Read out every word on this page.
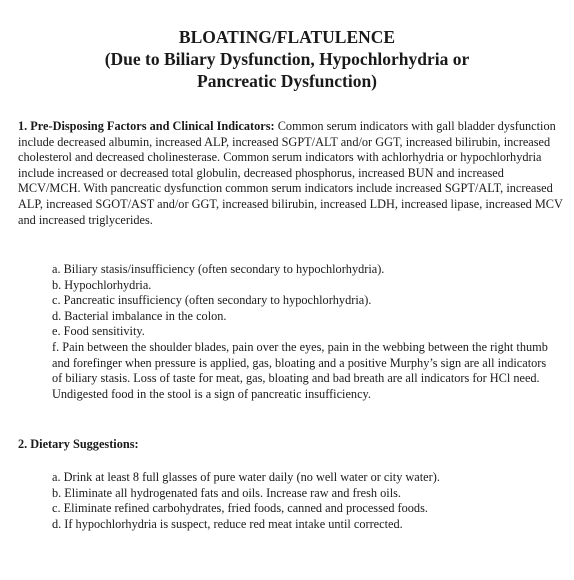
BLOATING/FLATULENCE
(Due to Biliary Dysfunction, Hypochlorhydria or
Pancreatic Dysfunction)

1. Pre-Disposing Factors and Clinical Indicators: Common serum indicators with gall bladder dysfunction include decreased albumin, increased ALP, increased SGPT/ALT and/or GGT, increased bilirubin, increased cholesterol and decreased cholinesterase. Common serum indicators with achlorhydria or hypochlorhydria include increased or decreased total globulin, decreased phosphorus, increased BUN and increased MCV/MCH. With pancreatic dysfunction common serum indicators include increased SGPT/ALT, increased ALP, increased SGOT/AST and/or GGT, increased bilirubin, increased LDH, increased lipase, increased MCV and increased triglycerides.

a. Biliary stasis/insufficiency (often secondary to hypochlorhydria).
b. Hypochlorhydria.
c. Pancreatic insufficiency (often secondary to hypochlorhydria).
d. Bacterial imbalance in the colon.
e. Food sensitivity.
f. Pain between the shoulder blades, pain over the eyes, pain in the webbing between the right thumb and forefinger when pressure is applied, gas, bloating and a positive Murphy’s sign are all indicators of biliary stasis. Loss of taste for meat, gas, bloating and bad breath are all indicators for HCl need. Undigested food in the stool is a sign of pancreatic insufficiency.

2. Dietary Suggestions:

a. Drink at least 8 full glasses of pure water daily (no well water or city water).
b. Eliminate all hydrogenated fats and oils. Increase raw and fresh oils.
c. Eliminate refined carbohydrates, fried foods, canned and processed foods.
d. If hypochlorhydria is suspect, reduce red meat intake until corrected.
